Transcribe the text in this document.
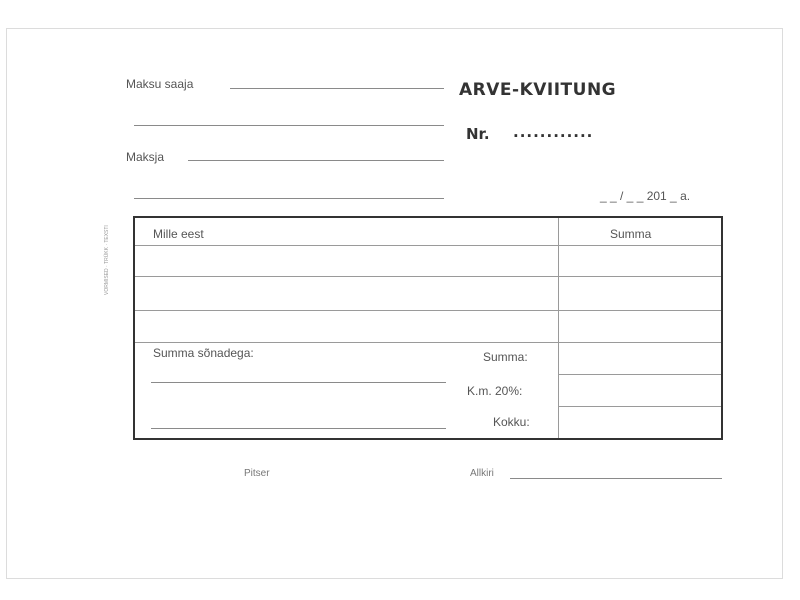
Maksu saaja
Maksja
ARVE-KVIITUNG
Nr. ............
_ _ / _ _ 201 _ a.
VORMISED · TRÜKK · TEXSTI	Mille eest	Summa
Summa sõnadega:	Summa:
K.m. 20%:
Kokku:
Pitser	Allkiri
